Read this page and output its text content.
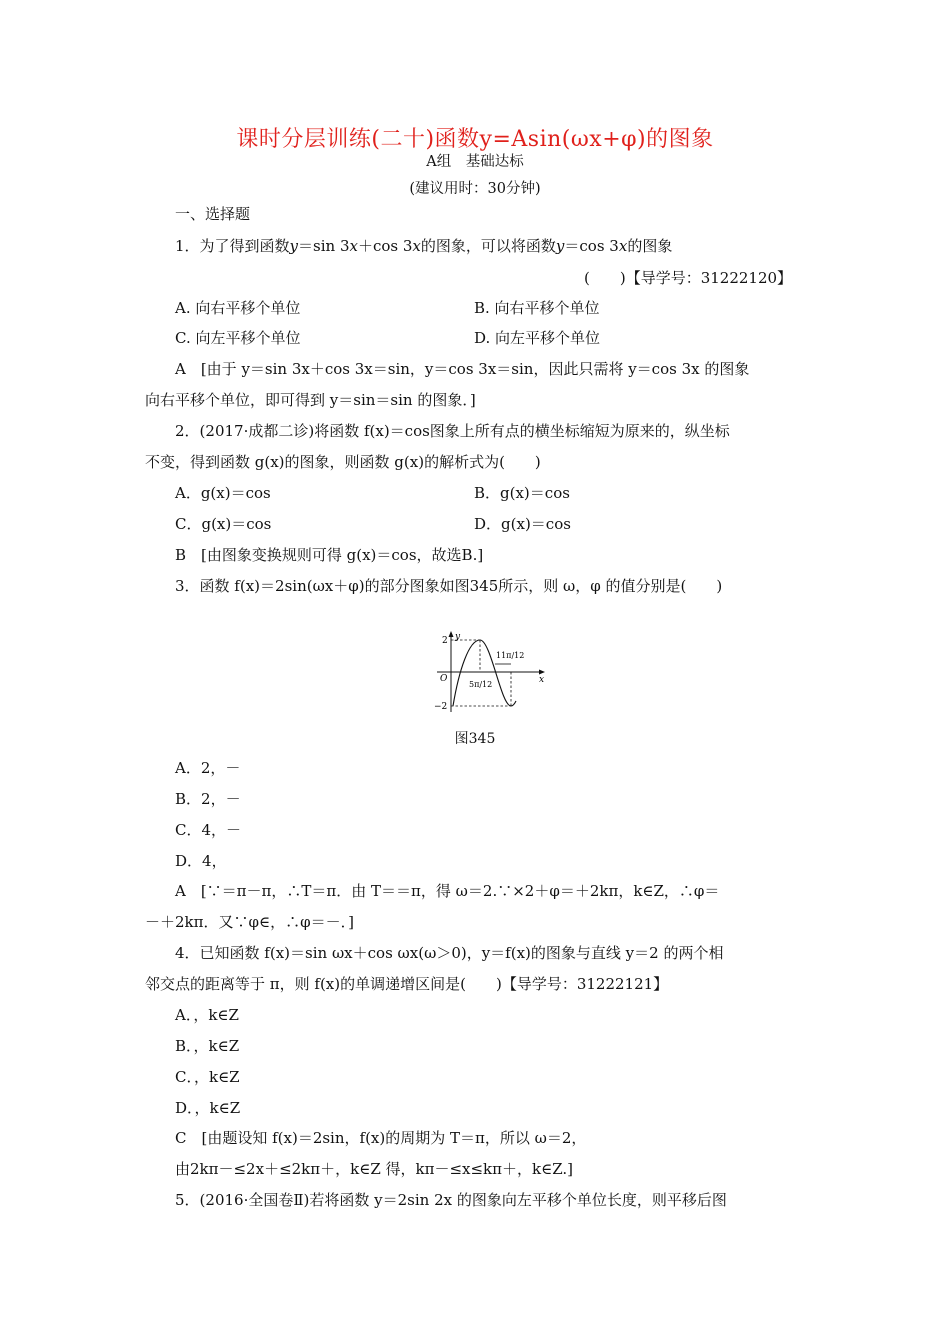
课时分层训练(二十)函数y=Asin(ωx+φ)的图象
A组　基础达标
(建议用时：30分钟)
一、选择题
1．为了得到函数y＝sin 3x＋cos 3x的图象，可以将函数y＝cos 3x的图象
(　　)【导学号：31222120】
A. 向右平移个单位	B. 向右平移个单位
C. 向左平移个单位	D. 向左平移个单位
A　[由于 y＝sin 3x＋cos 3x＝sin，y＝cos 3x＝sin，因此只需将 y＝cos 3x 的图象
向右平移个单位，即可得到 y＝sin＝sin 的图象．]
2．(2017·成都二诊)将函数 f(x)＝cos图象上所有点的横坐标缩短为原来的，纵坐标
不变，得到函数 g(x)的图象，则函数 g(x)的解析式为(　　)
A．g(x)＝cos	B．g(x)＝cos
C．g(x)＝cos	D．g(x)＝cos
B　[由图象变换规则可得 g(x)＝cos，故选B.]
3．函数 f(x)＝2sin(ωx＋φ)的部分图象如图345所示，则 ω，φ 的值分别是(　　)
y
x
O
2
−2
5π/12
11π/12
图345
A．2，－
B．2，－
C．4，－
D．4，
A　[∵＝π－π，∴T＝π．由 T＝＝π，得 ω＝2.∵×2＋φ＝＋2kπ，k∈Z，∴φ＝
－＋2kπ．又∵φ∈，∴φ＝－．]
4．已知函数 f(x)＝sin ωx＋cos ωx(ω＞0)，y＝f(x)的图象与直线 y＝2 的两个相
邻交点的距离等于 π，则 f(x)的单调递增区间是(　　)【导学号：31222121】
A．，k∈Z
B．，k∈Z
C．，k∈Z
D．，k∈Z
C　[由题设知 f(x)＝2sin，f(x)的周期为 T＝π，所以 ω＝2，
由2kπ－≤2x＋≤2kπ＋，k∈Z 得，kπ－≤x≤kπ＋，k∈Z.]
5．(2016·全国卷Ⅱ)若将函数 y＝2sin 2x 的图象向左平移个单位长度，则平移后图
